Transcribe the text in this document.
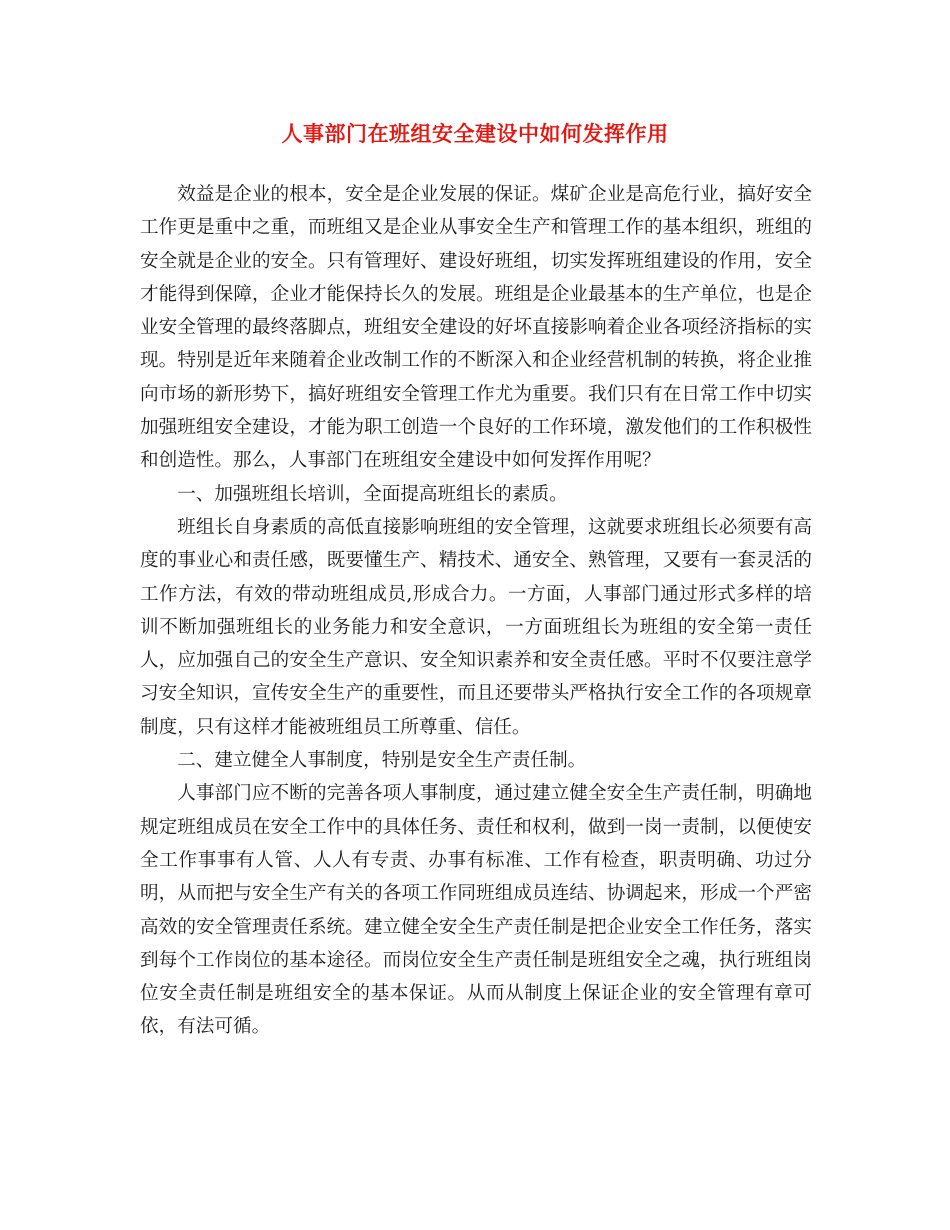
人事部门在班组安全建设中如何发挥作用

效益是企业的根本，安全是企业发展的保证。煤矿企业是高危行业，搞好安全工作更是重中之重，而班组又是企业从事安全生产和管理工作的基本组织，班组的安全就是企业的安全。只有管理好、建设好班组，切实发挥班组建设的作用，安全才能得到保障，企业才能保持长久的发展。班组是企业最基本的生产单位，也是企业安全管理的最终落脚点，班组安全建设的好坏直接影响着企业各项经济指标的实现。特别是近年来随着企业改制工作的不断深入和企业经营机制的转换，将企业推向市场的新形势下，搞好班组安全管理工作尤为重要。我们只有在日常工作中切实加强班组安全建设，才能为职工创造一个良好的工作环境，激发他们的工作积极性和创造性。那么，人事部门在班组安全建设中如何发挥作用呢？

一、加强班组长培训，全面提高班组长的素质。

班组长自身素质的高低直接影响班组的安全管理，这就要求班组长必须要有高度的事业心和责任感，既要懂生产、精技术、通安全、熟管理，又要有一套灵活的工作方法，有效的带动班组成员,形成合力。一方面，人事部门通过形式多样的培训不断加强班组长的业务能力和安全意识，一方面班组长为班组的安全第一责任人，应加强自己的安全生产意识、安全知识素养和安全责任感。平时不仅要注意学习安全知识，宣传安全生产的重要性，而且还要带头严格执行安全工作的各项规章制度，只有这样才能被班组员工所尊重、信任。

二、建立健全人事制度，特别是安全生产责任制。

人事部门应不断的完善各项人事制度，通过建立健全安全生产责任制，明确地规定班组成员在安全工作中的具体任务、责任和权利，做到一岗一责制，以便使安全工作事事有人管、人人有专责、办事有标准、工作有检查，职责明确、功过分明，从而把与安全生产有关的各项工作同班组成员连结、协调起来，形成一个严密高效的安全管理责任系统。建立健全安全生产责任制是把企业安全工作任务，落实到每个工作岗位的基本途径。而岗位安全生产责任制是班组安全之魂，执行班组岗位安全责任制是班组安全的基本保证。从而从制度上保证企业的安全管理有章可依，有法可循。
